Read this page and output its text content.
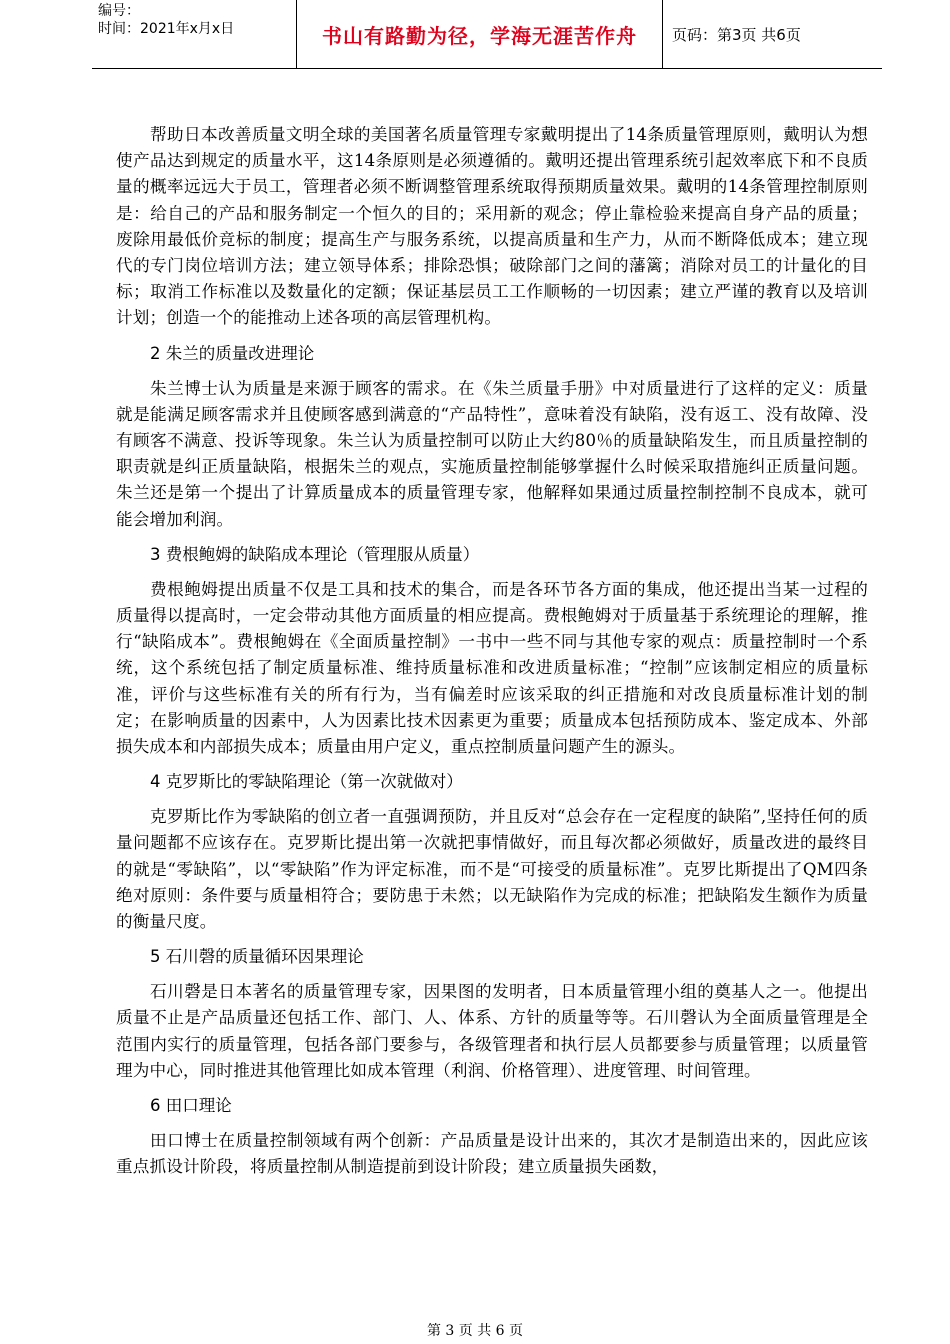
编号：
时间：2021年x月x日	书山有路勤为径，学海无涯苦作舟	页码：第3页 共6页

帮助日本改善质量文明全球的美国著名质量管理专家戴明提出了14条质量管理原则，戴明认为想使产品达到规定的质量水平，这14条原则是必须遵循的。戴明还提出管理系统引起效率底下和不良质量的概率远远大于员工，管理者必须不断调整管理系统取得预期质量效果。戴明的14条管理控制原则是：给自己的产品和服务制定一个恒久的目的；采用新的观念；停止靠检验来提高自身产品的质量；废除用最低价竞标的制度；提高生产与服务系统，以提高质量和生产力，从而不断降低成本；建立现代的专门岗位培训方法；建立领导体系；排除恐惧；破除部门之间的藩篱；消除对员工的计量化的目标；取消工作标准以及数量化的定额；保证基层员工工作顺畅的一切因素；建立严谨的教育以及培训计划；创造一个的能推动上述各项的高层管理机构。

2 朱兰的质量改进理论

朱兰博士认为质量是来源于顾客的需求。在《朱兰质量手册》中对质量进行了这样的定义：质量就是能满足顾客需求并且使顾客感到满意的“产品特性”，意味着没有缺陷，没有返工、没有故障、没有顾客不满意、投诉等现象。朱兰认为质量控制可以防止大约80％的质量缺陷发生，而且质量控制的职责就是纠正质量缺陷，根据朱兰的观点，实施质量控制能够掌握什么时候采取措施纠正质量问题。朱兰还是第一个提出了计算质量成本的质量管理专家，他解释如果通过质量控制控制不良成本，就可能会增加利润。

3 费根鲍姆的缺陷成本理论（管理服从质量）

费根鲍姆提出质量不仅是工具和技术的集合，而是各环节各方面的集成，他还提出当某一过程的质量得以提高时，一定会带动其他方面质量的相应提高。费根鲍姆对于质量基于系统理论的理解，推行“缺陷成本”。费根鲍姆在《全面质量控制》一书中一些不同与其他专家的观点：质量控制时一个系统，这个系统包括了制定质量标准、维持质量标准和改进质量标准；“控制”应该制定相应的质量标准，评价与这些标准有关的所有行为，当有偏差时应该采取的纠正措施和对改良质量标准计划的制定；在影响质量的因素中，人为因素比技术因素更为重要；质量成本包括预防成本、鉴定成本、外部损失成本和内部损失成本；质量由用户定义，重点控制质量问题产生的源头。

4 克罗斯比的零缺陷理论（第一次就做对）

克罗斯比作为零缺陷的创立者一直强调预防，并且反对“总会存在一定程度的缺陷”,坚持任何的质量问题都不应该存在。克罗斯比提出第一次就把事情做好，而且每次都必须做好，质量改进的最终目的就是“零缺陷”，以“零缺陷”作为评定标准，而不是“可接受的质量标准”。克罗比斯提出了QM四条绝对原则：条件要与质量相符合；要防患于未然；以无缺陷作为完成的标准；把缺陷发生额作为质量的衡量尺度。

5 石川磬的质量循环因果理论

石川磬是日本著名的质量管理专家，因果图的发明者，日本质量管理小组的奠基人之一。他提出质量不止是产品质量还包括工作、部门、人、体系、方针的质量等等。石川磬认为全面质量管理是全范围内实行的质量管理，包括各部门要参与，各级管理者和执行层人员都要参与质量管理；以质量管理为中心，同时推进其他管理比如成本管理（利润、价格管理）、进度管理、时间管理。

6 田口理论

田口博士在质量控制领域有两个创新：产品质量是设计出来的，其次才是制造出来的，因此应该重点抓设计阶段，将质量控制从制造提前到设计阶段；建立质量损失函数，

第 3 页 共 6 页
